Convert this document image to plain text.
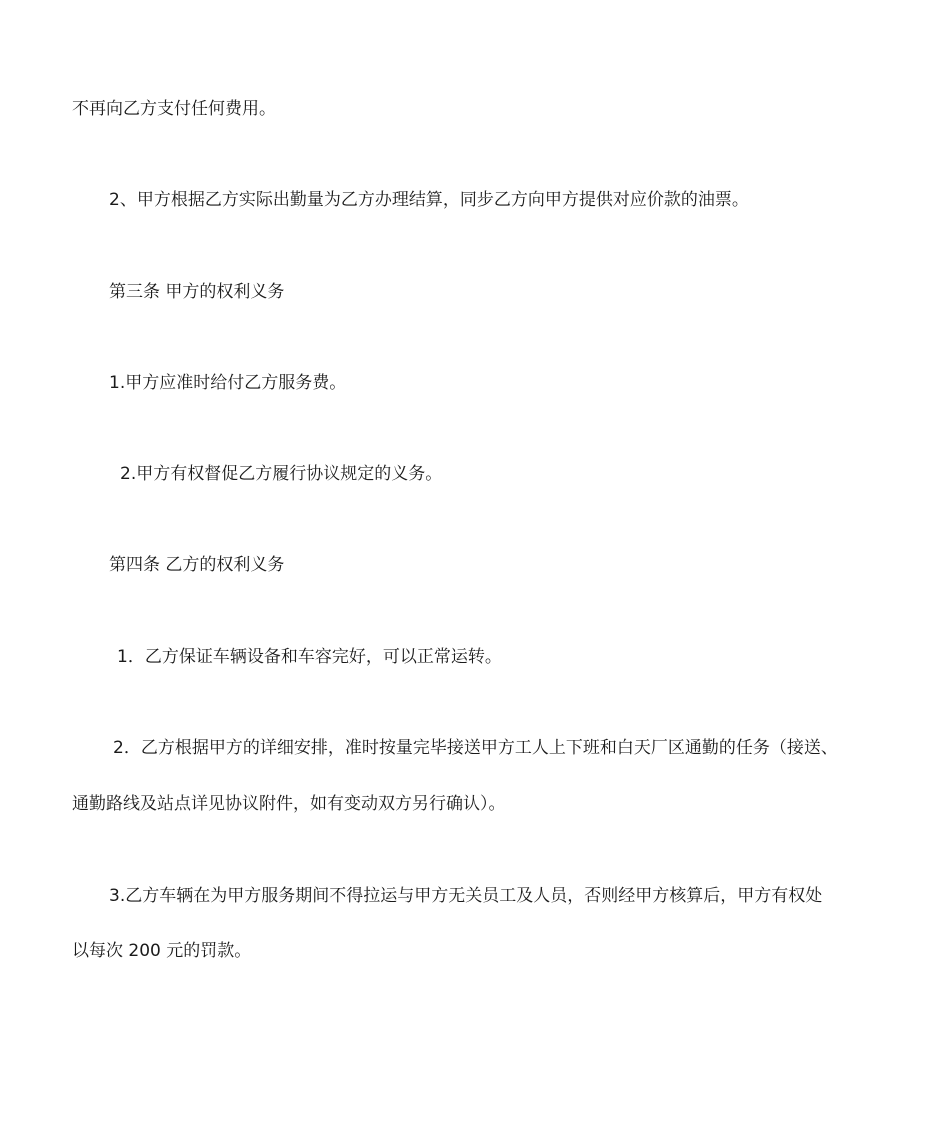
不再向乙方支付任何费用。
2、甲方根据乙方实际出勤量为乙方办理结算，同步乙方向甲方提供对应价款的油票。
第三条 甲方的权利义务
1.甲方应准时给付乙方服务费。
2.甲方有权督促乙方履行协议规定的义务。
第四条 乙方的权利义务
1．乙方保证车辆设备和车容完好，可以正常运转。
2．乙方根据甲方的详细安排，准时按量完毕接送甲方工人上下班和白天厂区通勤的任务（接送、
通勤路线及站点详见协议附件，如有变动双方另行确认）。
3.乙方车辆在为甲方服务期间不得拉运与甲方无关员工及人员，否则经甲方核算后，甲方有权处
以每次 200 元的罚款。
